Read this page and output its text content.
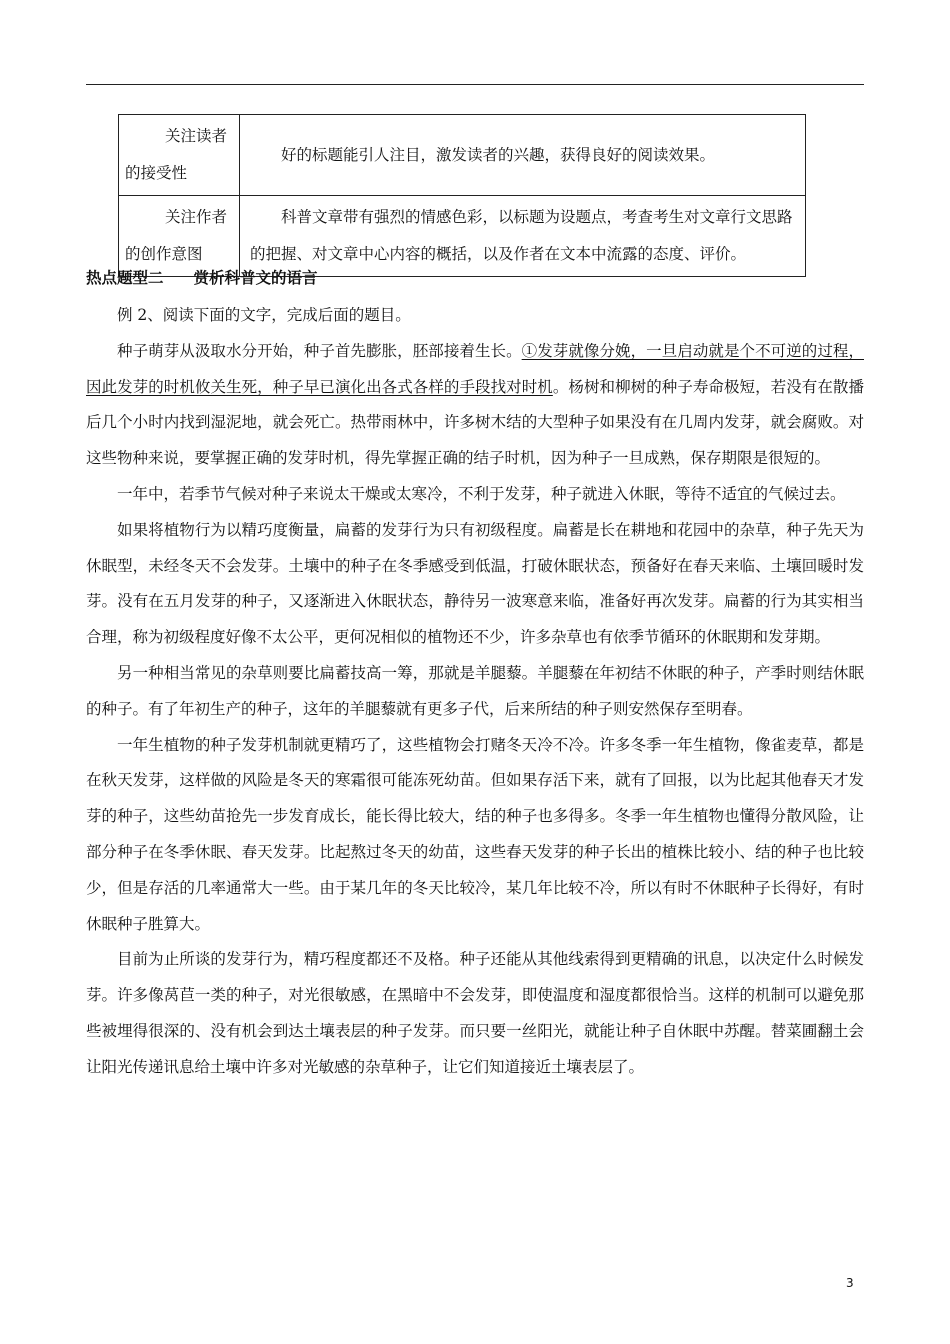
关注读者
的接受性	好的标题能引人注目，激发读者的兴趣，获得良好的阅读效果。

关注作者
的创作意图	科普文章带有强烈的情感色彩，以标题为设题点，考查考生对文章行文思路的把握、对文章中心内容的概括，以及作者在文本中流露的态度、评价。
热点题型二 赏析科普文的语言

例 2、阅读下面的文字，完成后面的题目。

种子萌芽从汲取水分开始，种子首先膨胀，胚部接着生长。①发芽就像分娩，一旦启动就是个不可逆的过程，因此发芽的时机攸关生死，种子早已演化出各式各样的手段找对时机。杨树和柳树的种子寿命极短，若没有在散播后几个小时内找到湿泥地，就会死亡。热带雨林中，许多树木结的大型种子如果没有在几周内发芽，就会腐败。对这些物种来说，要掌握正确的发芽时机，得先掌握正确的结子时机，因为种子一旦成熟，保存期限是很短的。

一年中，若季节气候对种子来说太干燥或太寒冷，不利于发芽，种子就进入休眠，等待不适宜的气候过去。

如果将植物行为以精巧度衡量，扁蓄的发芽行为只有初级程度。扁蓄是长在耕地和花园中的杂草，种子先天为休眠型，未经冬天不会发芽。土壤中的种子在冬季感受到低温，打破休眠状态，预备好在春天来临、土壤回暖时发芽。没有在五月发芽的种子，又逐渐进入休眠状态，静待另一波寒意来临，准备好再次发芽。扁蓄的行为其实相当合理，称为初级程度好像不太公平，更何况相似的植物还不少，许多杂草也有依季节循环的休眠期和发芽期。

另一种相当常见的杂草则要比扁蓄技高一筹，那就是羊腿藜。羊腿藜在年初结不休眠的种子，产季时则结休眠的种子。有了年初生产的种子，这年的羊腿藜就有更多子代，后来所结的种子则安然保存至明春。

一年生植物的种子发芽机制就更精巧了，这些植物会打赌冬天冷不冷。许多冬季一年生植物，像雀麦草，都是在秋天发芽，这样做的风险是冬天的寒霜很可能冻死幼苗。但如果存活下来，就有了回报，以为比起其他春天才发芽的种子，这些幼苗抢先一步发育成长，能长得比较大，结的种子也多得多。冬季一年生植物也懂得分散风险，让部分种子在冬季休眠、春天发芽。比起熬过冬天的幼苗，这些春天发芽的种子长出的植株比较小、结的种子也比较少，但是存活的几率通常大一些。由于某几年的冬天比较冷，某几年比较不冷，所以有时不休眠种子长得好，有时休眠种子胜算大。

目前为止所谈的发芽行为，精巧程度都还不及格。种子还能从其他线索得到更精确的讯息，以决定什么时候发芽。许多像莴苣一类的种子，对光很敏感，在黑暗中不会发芽，即使温度和湿度都很恰当。这样的机制可以避免那些被埋得很深的、没有机会到达土壤表层的种子发芽。而只要一丝阳光，就能让种子自休眠中苏醒。替菜圃翻土会让阳光传递讯息给土壤中许多对光敏感的杂草种子，让它们知道接近土壤表层了。

3
